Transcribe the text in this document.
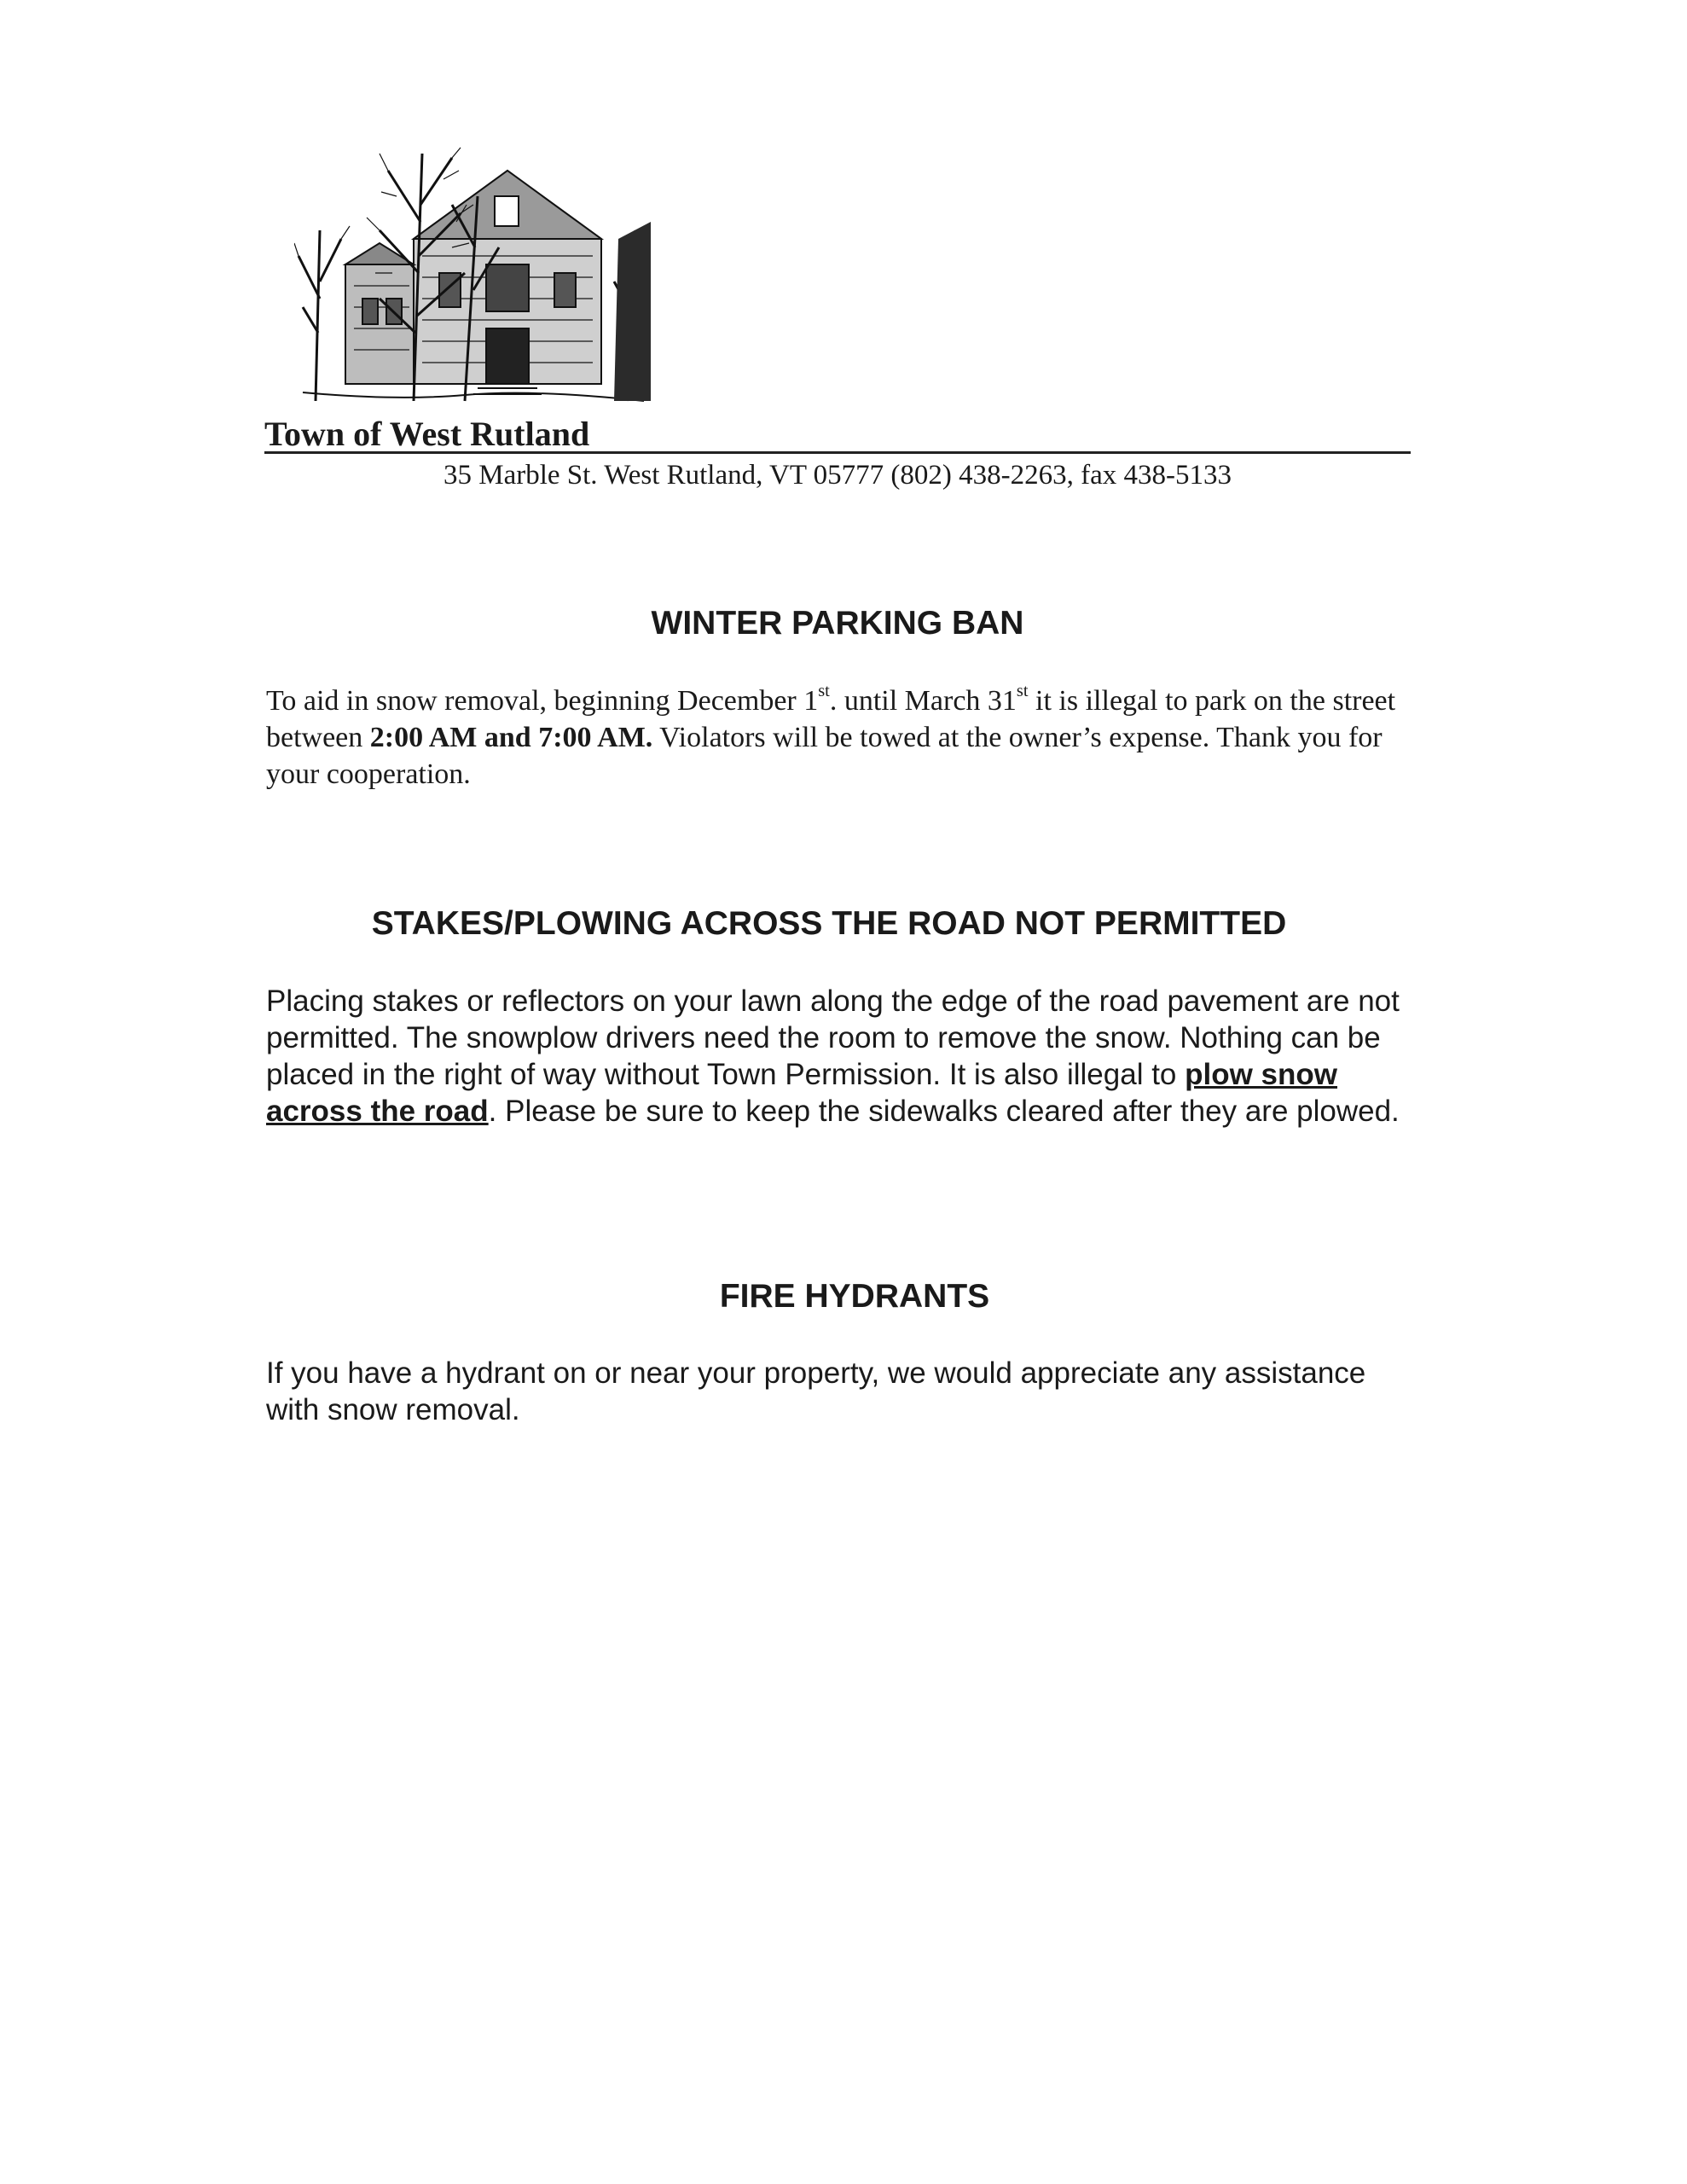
Town of West Rutland
35 Marble St. West Rutland, VT 05777 (802) 438-2263, fax 438-5133
WINTER PARKING BAN
To aid in snow removal, beginning December 1st. until March 31st it is illegal to park on the street between 2:00 AM and 7:00 AM. Violators will be towed at the owner’s expense. Thank you for your cooperation.
STAKES/PLOWING ACROSS THE ROAD NOT PERMITTED
Placing stakes or reflectors on your lawn along the edge of the road pavement are not permitted. The snowplow drivers need the room to remove the snow. Nothing can be placed in the right of way without Town Permission. It is also illegal to plow snow across the road. Please be sure to keep the sidewalks cleared after they are plowed.
FIRE HYDRANTS
If you have a hydrant on or near your property, we would appreciate any assistance with snow removal.
